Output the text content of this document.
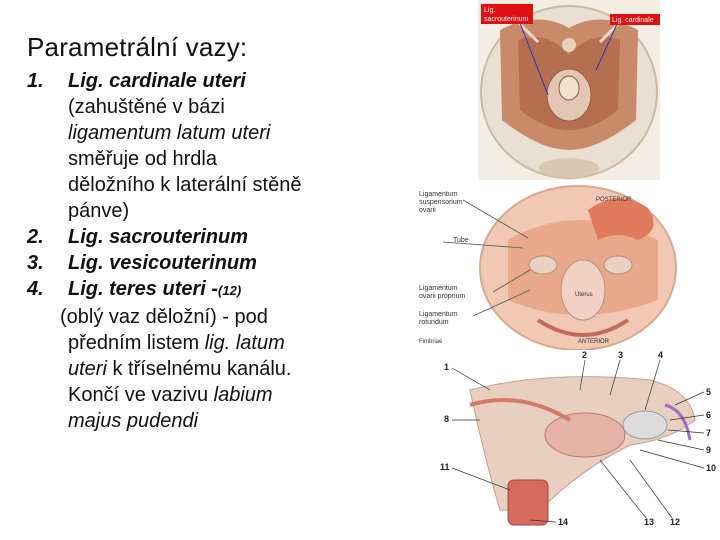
Parametrální vazy:
1. Lig. cardinale uteri
(zahuštěné v bázi
ligamentum latum uteri
směřuje od hrdla
děložního k laterální stěně
pánve)
2. Lig. sacrouterinum
3. Lig. vesicouterinum
4. Lig. teres uteri -(12)
(oblý vaz děložní) - pod
předním listem lig. latum
uteri k tříselnému kanálu.
Končí ve vazivu labium
majus pudendi
Lig.
sacrouterinum	Lig. cardinale
Ligamentum
suspensorium
ovarii
POSTERIOR
Tube
Ligamentum
ovarii proprium
Ligamentum
rotundum
Uterus
ANTERIOR
Fimbriae
1
2	3	4
5
6
7
8
9
10
11
12
13
14
